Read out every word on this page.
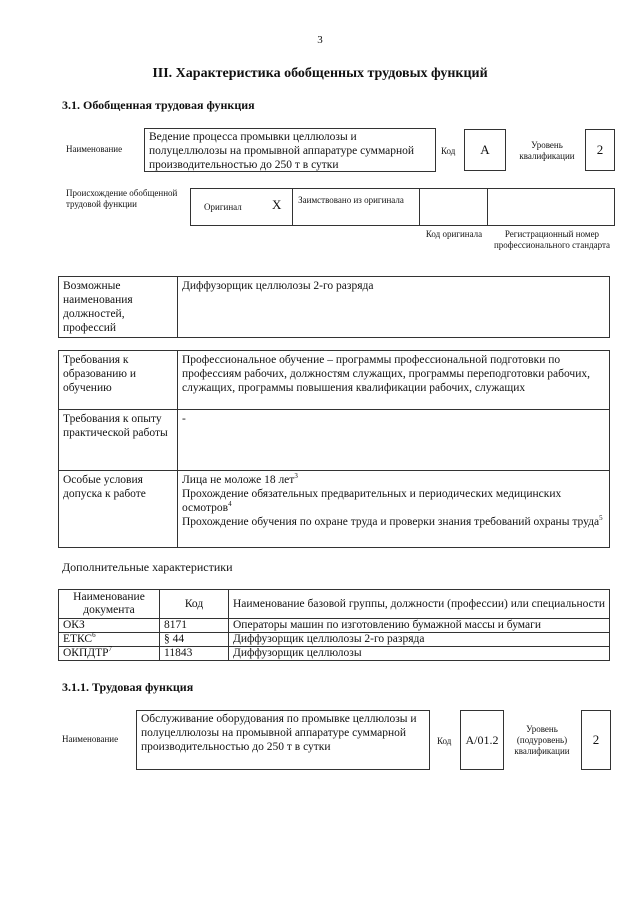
3
III. Характеристика обобщенных трудовых функций
3.1. Обобщенная трудовая функция
Наименование
Ведение процесса промывки целлюлозы и полуцеллюлозы на промывной аппаратуре суммарной производительностью до 250 т в сутки
Код	A	Уровень квалификации	2
Происхождение обобщенной трудовой функции	Оригинал X Заимствовано из оригинала
Код оригинала	Регистрационный номер профессионального стандарта
Возможные наименования должностей, профессий	Диффузорщик целлюлозы 2-го разряда
Требования к образованию и обучению	Профессиональное обучение – программы профессиональной подготовки по профессиям рабочих, должностям служащих, программы переподготовки рабочих, служащих, программы повышения квалификации рабочих, служащих
Требования к опыту практической работы	-
Особые условия допуска к работе	Лица не моложе 18 лет$^3$
Прохождение обязательных предварительных и периодических медицинских осмотров$^4$
Прохождение обучения по охране труда и проверки знания требований охраны труда$^5$
Дополнительные характеристики
Наименование документа	Код	Наименование базовой группы, должности (профессии) или специальности
ОКЗ	8171	Операторы машин по изготовлению бумажной массы и бумаги
ЕТКС$^6$	§ 44	Диффузорщик целлюлозы 2-го разряда
ОКПДТР$^7$	11843	Диффузорщик целлюлозы
3.1.1. Трудовая функция
Наименование
Обслуживание оборудования по промывке целлюлозы и полуцеллюлозы на промывной аппаратуре суммарной производительностью до 250 т в сутки	Код	A/01.2
Уровень (подуровень) квалификации
2
